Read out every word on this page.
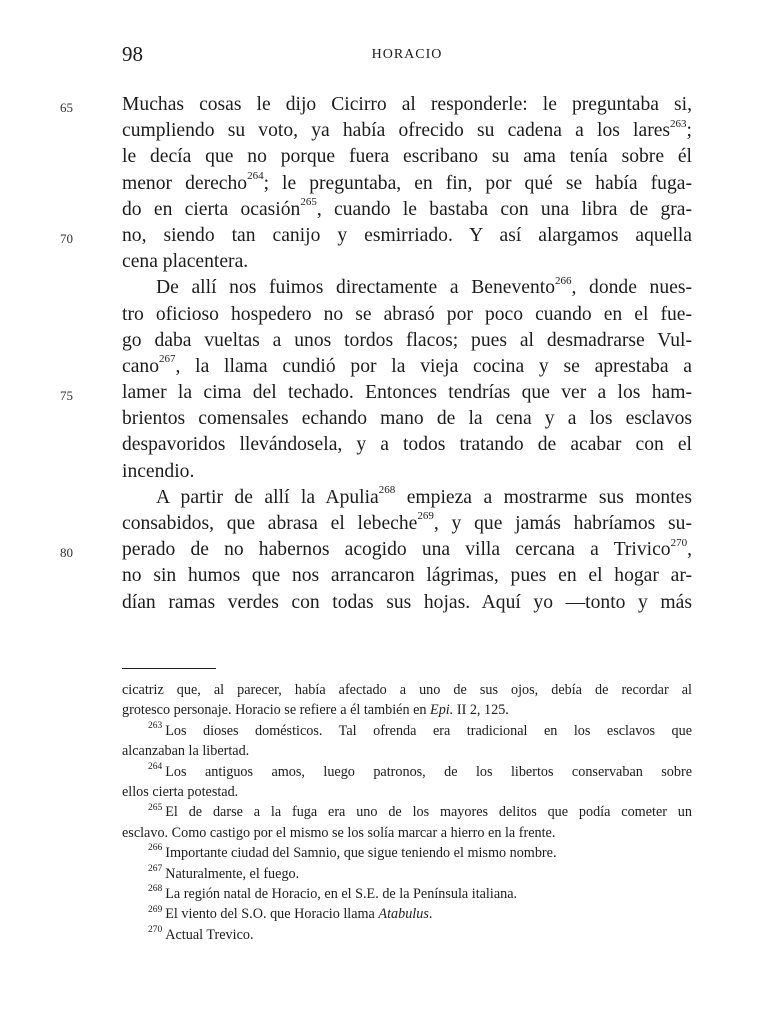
98	HORACIO
65	Muchas cosas le dijo Cicirro al responderle: le preguntaba si,
cumpliendo su voto, ya había ofrecido su cadena a los lares$^{263}$;
le decía que no porque fuera escribano su ama tenía sobre él
menor derecho$^{264}$; le preguntaba, en fin, por qué se había fuga-
do en cierta ocasión$^{265}$, cuando le bastaba con una libra de gra-
70	no, siendo tan canijo y esmirriado. Y así alargamos aquella
cena placentera.
De allí nos fuimos directamente a Benevento$^{266}$, donde nues-
tro oficioso hospedero no se abrasó por poco cuando en el fue-
go daba vueltas a unos tordos flacos; pues al desmadrarse Vul-
cano$^{267}$, la llama cundió por la vieja cocina y se aprestaba a
75	lamer la cima del techado. Entonces tendrías que ver a los ham-
brientos comensales echando mano de la cena y a los esclavos
despavoridos llevándosela, y a todos tratando de acabar con el
incendio.
A partir de allí la Apulia$^{268}$ empieza a mostrarme sus montes
consabidos, que abrasa el lebeche$^{269}$, y que jamás habríamos su-
80	perado de no habernos acogido una villa cercana a Trivico$^{270}$,
no sin humos que nos arrancaron lágrimas, pues en el hogar ar-
dían ramas verdes con todas sus hojas. Aquí yo —tonto y más
cicatriz que, al parecer, había afectado a uno de sus ojos, debía de recordar al
grotesco personaje. Horacio se refiere a él también en Epi. II 2, 125.
$^{263}$ Los dioses domésticos. Tal ofrenda era tradicional en los esclavos que
alcanzaban la libertad.
$^{264}$ Los antiguos amos, luego patronos, de los libertos conservaban sobre
ellos cierta potestad.
$^{265}$ El de darse a la fuga era uno de los mayores delitos que podía cometer un
esclavo. Como castigo por el mismo se los solía marcar a hierro en la frente.
$^{266}$ Importante ciudad del Samnio, que sigue teniendo el mismo nombre.
$^{267}$ Naturalmente, el fuego.
$^{268}$ La región natal de Horacio, en el S.E. de la Península italiana.
$^{269}$ El viento del S.O. que Horacio llama Atabulus.
$^{270}$ Actual Trevico.
